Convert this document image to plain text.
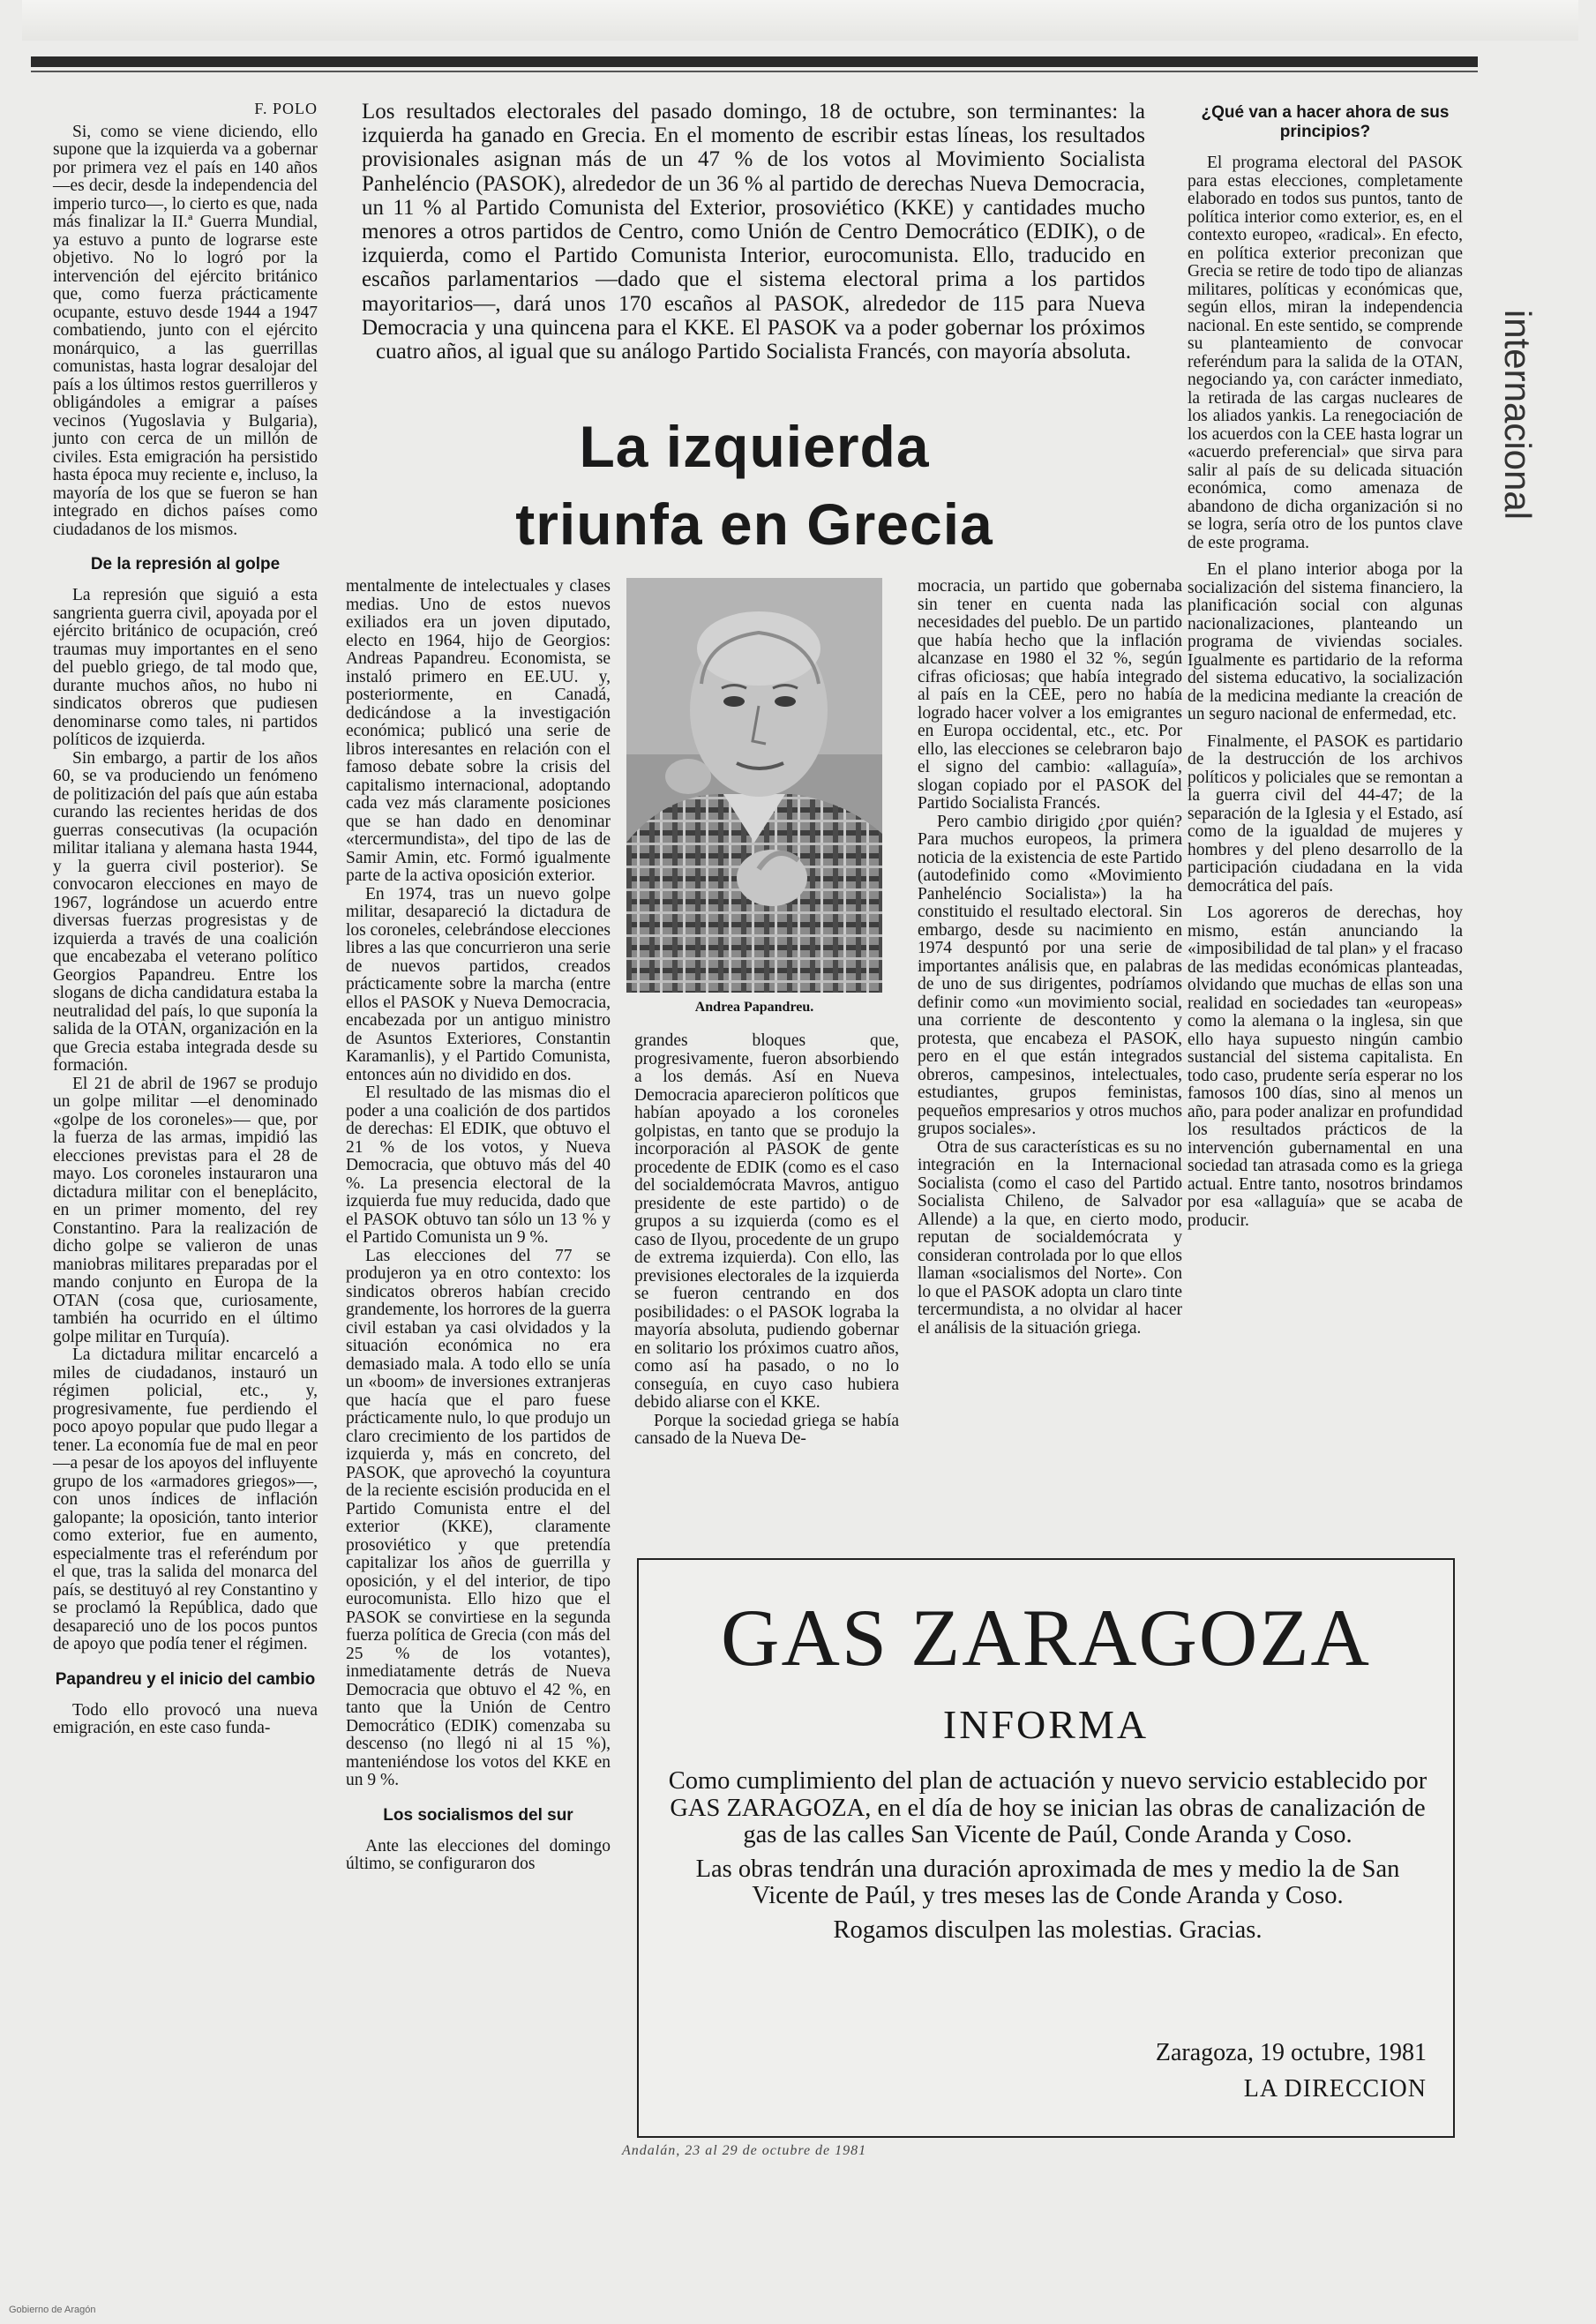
F. POLO

Si, como se viene diciendo, ello supone que la izquierda va a gobernar por primera vez el país en 140 años —es decir, desde la independencia del imperio turco—, lo cierto es que, nada más finalizar la II.ª Guerra Mundial, ya estuvo a punto de lograrse este objetivo. No lo logró por la intervención del ejército británico que, como fuerza prácticamente ocupante, estuvo desde 1944 a 1947 combatiendo, junto con el ejército monárquico, a las guerrillas comunistas, hasta lograr desalojar del país a los últimos restos guerrilleros y obligándoles a emigrar a países vecinos (Yugoslavia y Bulgaria), junto con cerca de un millón de civiles. Esta emigración ha persistido hasta época muy reciente e, incluso, la mayoría de los que se fueron se han integrado en dichos países como ciudadanos de los mismos.

De la represión al golpe

La represión que siguió a esta sangrienta guerra civil, apoyada por el ejército británico de ocupación, creó traumas muy importantes en el seno del pueblo griego, de tal modo que, durante muchos años, no hubo ni sindicatos obreros que pudiesen denominarse como tales, ni partidos políticos de izquierda.

Sin embargo, a partir de los años 60, se va produciendo un fenómeno de politización del país que aún estaba curando las recientes heridas de dos guerras consecutivas (la ocupación militar italiana y alemana hasta 1944, y la guerra civil posterior). Se convocaron elecciones en mayo de 1967, lográndose un acuerdo entre diversas fuerzas progresistas y de izquierda a través de una coalición que encabezaba el veterano político Georgios Papandreu. Entre los slogans de dicha candidatura estaba la neutralidad del país, lo que suponía la salida de la OTAN, organización en la que Grecia estaba integrada desde su formación.

El 21 de abril de 1967 se produjo un golpe militar —el denominado «golpe de los coroneles»— que, por la fuerza de las armas, impidió las elecciones previstas para el 28 de mayo. Los coroneles instauraron una dictadura militar con el beneplácito, en un primer momento, del rey Constantino. Para la realización de dicho golpe se valieron de unas maniobras militares preparadas por el mando conjunto en Europa de la OTAN (cosa que, curiosamente, también ha ocurrido en el último golpe militar en Turquía).

La dictadura militar encarceló a miles de ciudadanos, instauró un régimen policial, etc., y, progresivamente, fue perdiendo el poco apoyo popular que pudo llegar a tener. La economía fue de mal en peor —a pesar de los apoyos del influyente grupo de los «armadores griegos»—, con unos índices de inflación galopante; la oposición, tanto interior como exterior, fue en aumento, especialmente tras el referéndum por el que, tras la salida del monarca del país, se destituyó al rey Constantino y se proclamó la República, dado que desapareció uno de los pocos puntos de apoyo que podía tener el régimen.

Papandreu y el inicio del cambio

Todo ello provocó una nueva emigración, en este caso funda-

Los resultados electorales del pasado domingo, 18 de octubre, son terminantes: la izquierda ha ganado en Grecia. En el momento de escribir estas líneas, los resultados provisionales asignan más de un 47 % de los votos al Movimiento Socialista Panheléncio (PASOK), alrededor de un 36 % al partido de derechas Nueva Democracia, un 11 % al Partido Comunista del Exterior, prosoviético (KKE) y cantidades mucho menores a otros partidos de Centro, como Unión de Centro Democrático (EDIK), o de izquierda, como el Partido Comunista Interior, eurocomunista. Ello, traducido en escaños parlamentarios —dado que el sistema electoral prima a los partidos mayoritarios—, dará unos 170 escaños al PASOK, alrededor de 115 para Nueva Democracia y una quincena para el KKE. El PASOK va a poder gobernar los próximos cuatro años, al igual que su análogo Partido Socialista Francés, con mayoría absoluta.

La izquierda
triunfa en Grecia

mentalmente de intelectuales y clases medias. Uno de estos nuevos exiliados era un joven diputado, electo en 1964, hijo de Georgios: Andreas Papandreu. Economista, se instaló primero en EE.UU. y, posteriormente, en Canadá, dedicándose a la investigación económica; publicó una serie de libros interesantes en relación con el famoso debate sobre la crisis del capitalismo internacional, adoptando cada vez más claramente posiciones que se han dado en denominar «tercermundista», del tipo de las de Samir Amin, etc. Formó igualmente parte de la activa oposición exterior.

En 1974, tras un nuevo golpe militar, desapareció la dictadura de los coroneles, celebrándose elecciones libres a las que concurrieron una serie de nuevos partidos, creados prácticamente sobre la marcha (entre ellos el PASOK y Nueva Democracia, encabezada por un antiguo ministro de Asuntos Exteriores, Constantin Karamanlis), y el Partido Comunista, entonces aún no dividido en dos.

El resultado de las mismas dio el poder a una coalición de dos partidos de derechas: El EDIK, que obtuvo el 21 % de los votos, y Nueva Democracia, que obtuvo más del 40 %. La presencia electoral de la izquierda fue muy reducida, dado que el PASOK obtuvo tan sólo un 13 % y el Partido Comunista un 9 %.

Las elecciones del 77 se produjeron ya en otro contexto: los sindicatos obreros habían crecido grandemente, los horrores de la guerra civil estaban ya casi olvidados y la situación económica no era demasiado mala. A todo ello se unía un «boom» de inversiones extranjeras que hacía que el paro fuese prácticamente nulo, lo que produjo un claro crecimiento de los partidos de izquierda y, más en concreto, del PASOK, que aprovechó la coyuntura de la reciente escisión producida en el Partido Comunista entre el del exterior (KKE), claramente prosoviético y que pretendía capitalizar los años de guerrilla y oposición, y el del interior, de tipo eurocomunista. Ello hizo que el PASOK se convirtiese en la segunda fuerza política de Grecia (con más del 25 % de los votantes), inmediatamente detrás de Nueva Democracia que obtuvo el 42 %, en tanto que la Unión de Centro Democrático (EDIK) comenzaba su descenso (no llegó ni al 15 %), manteniéndose los votos del KKE en un 9 %.

Los socialismos del sur

Ante las elecciones del domingo último, se configuraron dos

Andrea Papandreu.

grandes bloques que, progresivamente, fueron absorbiendo a los demás. Así en Nueva Democracia aparecieron políticos que habían apoyado a los coroneles golpistas, en tanto que se produjo la incorporación al PASOK de gente procedente de EDIK (como es el caso del socialdemócrata Mavros, antiguo presidente de este partido) o de grupos a su izquierda (como es el caso de Ilyou, procedente de un grupo de extrema izquierda). Con ello, las previsiones electorales de la izquierda se fueron centrando en dos posibilidades: o el PASOK lograba la mayoría absoluta, pudiendo gobernar en solitario los próximos cuatro años, como así ha pasado, o no lo conseguía, en cuyo caso hubiera debido aliarse con el KKE.

Porque la sociedad griega se había cansado de la Nueva De-

mocracia, un partido que gobernaba sin tener en cuenta nada las necesidades del pueblo. De un partido que había hecho que la inflación alcanzase en 1980 el 32 %, según cifras oficiosas; que había integrado al país en la CEE, pero no había logrado hacer volver a los emigrantes en Europa occidental, etc., etc. Por ello, las elecciones se celebraron bajo el signo del cambio: «allaguía», slogan copiado por el PASOK del Partido Socialista Francés.

Pero cambio dirigido ¿por quién? Para muchos europeos, la primera noticia de la existencia de este Partido (autodefinido como «Movimiento Panheléncio Socialista») la ha constituido el resultado electoral. Sin embargo, desde su nacimiento en 1974 despuntó por una serie de importantes análisis que, en palabras de uno de sus dirigentes, podríamos definir como «un movimiento social, una corriente de descontento y protesta, que encabeza el PASOK, pero en el que están integrados obreros, campesinos, intelectuales, estudiantes, grupos feministas, pequeños empresarios y otros muchos grupos sociales».

Otra de sus características es su no integración en la Internacional Socialista (como el caso del Partido Socialista Chileno, de Salvador Allende) a la que, en cierto modo, reputan de socialdemócrata y consideran controlada por lo que ellos llaman «socialismos del Norte». Con lo que el PASOK adopta un claro tinte tercermundista, a no olvidar al hacer el análisis de la situación griega.

¿Qué van a hacer ahora de sus principios?

El programa electoral del PASOK para estas elecciones, completamente elaborado en todos sus puntos, tanto de política interior como exterior, es, en el contexto europeo, «radical». En efecto, en política exterior preconizan que Grecia se retire de todo tipo de alianzas militares, políticas y económicas que, según ellos, miran la independencia nacional. En este sentido, se comprende su planteamiento de convocar referéndum para la salida de la OTAN, negociando ya, con carácter inmediato, la retirada de las cargas nucleares de los aliados yankis. La renegociación de los acuerdos con la CEE hasta lograr un «acuerdo preferencial» que sirva para salir al país de su delicada situación económica, como amenaza de abandono de dicha organización si no se logra, sería otro de los puntos clave de este programa.

En el plano interior aboga por la socialización del sistema financiero, la planificación social con algunas nacionalizaciones, planteando un programa de viviendas sociales. Igualmente es partidario de la reforma del sistema educativo, la socialización de la medicina mediante la creación de un seguro nacional de enfermedad, etc.

Finalmente, el PASOK es partidario de la destrucción de los archivos políticos y policiales que se remontan a la guerra civil del 44-47; de la separación de la Iglesia y el Estado, así como de la igualdad de mujeres y hombres y del pleno desarrollo de la participación ciudadana en la vida democrática del país.

Los agoreros de derechas, hoy mismo, están anunciando la «imposibilidad de tal plan» y el fracaso de las medidas económicas planteadas, olvidando que muchas de ellas son una realidad en sociedades tan «europeas» como la alemana o la inglesa, sin que ello haya supuesto ningún cambio sustancial del sistema capitalista. En todo caso, prudente sería esperar no los famosos 100 días, sino al menos un año, para poder analizar en profundidad los resultados prácticos de la intervención gubernamental en una sociedad tan atrasada como es la griega actual. Entre tanto, nosotros brindamos por esa «allaguía» que se acaba de producir.

internacional
GAS ZARAGOZA
INFORMA

Como cumplimiento del plan de actuación y nuevo servicio establecido por GAS ZARAGOZA, en el día de hoy se inician las obras de canalización de gas de las calles San Vicente de Paúl, Conde Aranda y Coso.

Las obras tendrán una duración aproximada de mes y medio la de San Vicente de Paúl, y tres meses las de Conde Aranda y Coso.

Rogamos disculpen las molestias. Gracias.

Zaragoza, 19 octubre, 1981
LA DIRECCION
Andalán, 23 al 29 de octubre de 1981
Gobierno de Aragón
